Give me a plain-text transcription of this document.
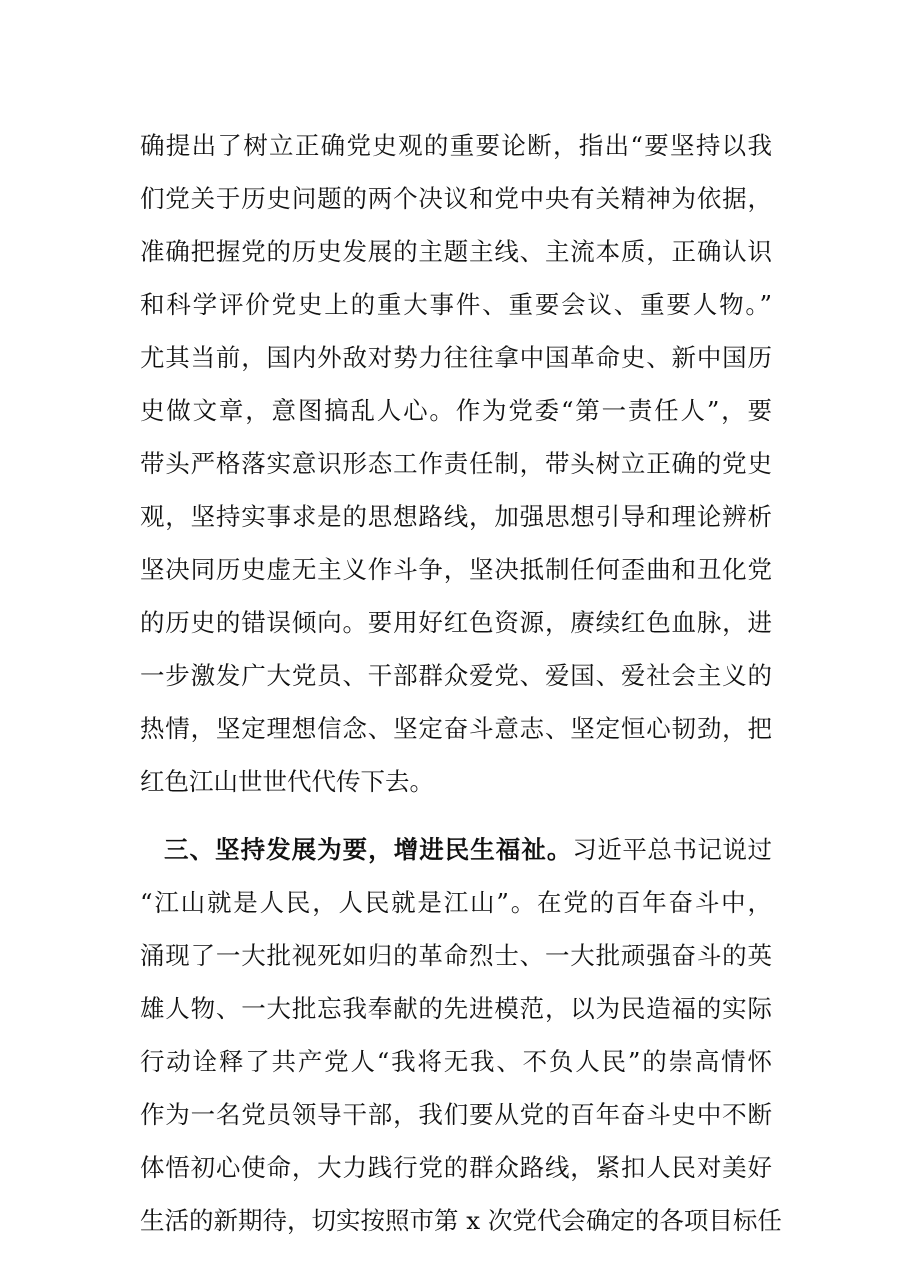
确提出了树立正确党史观的重要论断，指出“要坚持以我
们党关于历史问题的两个决议和党中央有关精神为依据，
准确把握党的历史发展的主题主线、主流本质，正确认识
和科学评价党史上的重大事件、重要会议、重要人物。”
尤其当前，国内外敌对势力往往拿中国革命史、新中国历
史做文章，意图搞乱人心。作为党委“第一责任人”，要
带头严格落实意识形态工作责任制，带头树立正确的党史
观，坚持实事求是的思想路线，加强思想引导和理论辨析
坚决同历史虚无主义作斗争，坚决抵制任何歪曲和丑化党
的历史的错误倾向。要用好红色资源，赓续红色血脉，进
一步激发广大党员、干部群众爱党、爱国、爱社会主义的
热情，坚定理想信念、坚定奋斗意志、坚定恒心韧劲，把
红色江山世世代代传下去。
三、坚持发展为要，增进民生福祉。习近平总书记说过
“江山就是人民，人民就是江山”。在党的百年奋斗中，
涌现了一大批视死如归的革命烈士、一大批顽强奋斗的英
雄人物、一大批忘我奉献的先进模范，以为民造福的实际
行动诠释了共产党人“我将无我、不负人民”的崇高情怀
作为一名党员领导干部，我们要从党的百年奋斗史中不断
体悟初心使命，大力践行党的群众路线，紧扣人民对美好
生活的新期待，切实按照市第 x 次党代会确定的各项目标任
